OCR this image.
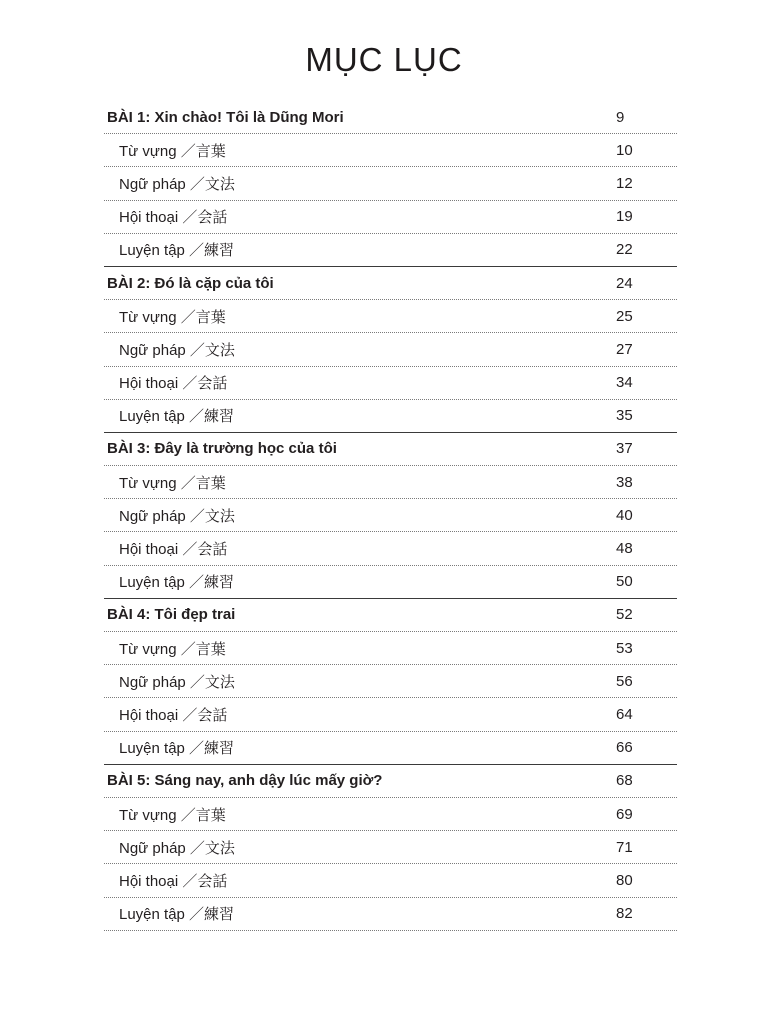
MỤC LỤC
BÀI 1: Xin chào! Tôi là Dũng Mori	9
Từ vựng ／言葉	10
Ngữ pháp ／文法	12
Hội thoại ／会話	19
Luyện tập ／練習	22
BÀI 2: Đó là cặp của tôi	24
Từ vựng ／言葉	25
Ngữ pháp ／文法	27
Hội thoại ／会話	34
Luyện tập ／練習	35
BÀI 3: Đây là trường học của tôi	37
Từ vựng ／言葉	38
Ngữ pháp ／文法	40
Hội thoại ／会話	48
Luyện tập ／練習	50
BÀI 4: Tôi đẹp trai	52
Từ vựng ／言葉	53
Ngữ pháp ／文法	56
Hội thoại ／会話	64
Luyện tập ／練習	66
BÀI 5: Sáng nay, anh dậy lúc mấy giờ?	68
Từ vựng ／言葉	69
Ngữ pháp ／文法	71
Hội thoại ／会話	80
Luyện tập ／練習	82
